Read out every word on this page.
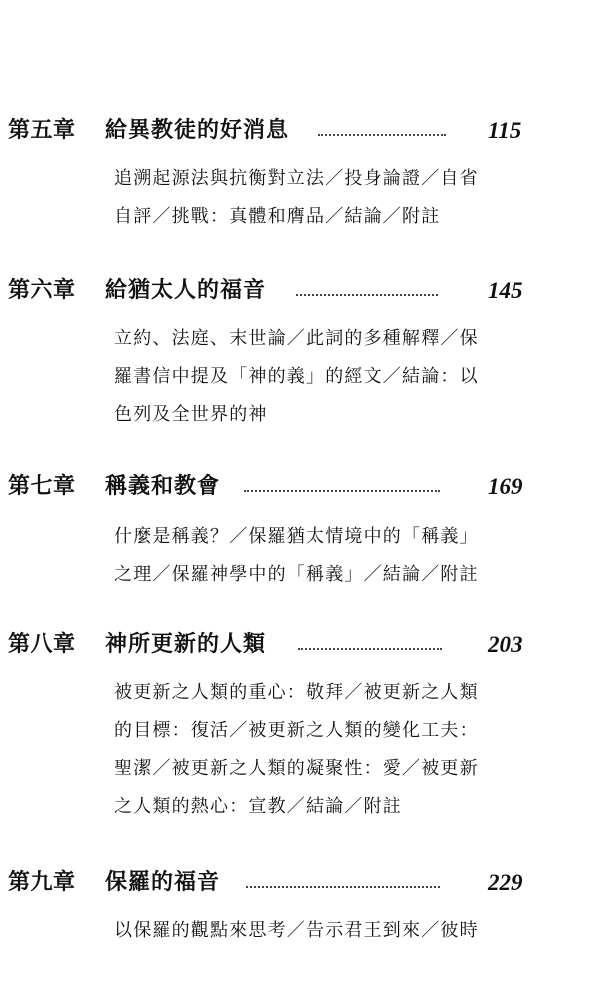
第五章 給異教徒的好消息	115
追溯起源法與抗衡對立法／投身論證／自省
自評／挑戰：真體和膺品／結論／附註
第六章 給猶太人的福音	145
立約、法庭、末世論／此詞的多種解釋／保
羅書信中提及「神的義」的經文／結論：以
色列及全世界的神
第七章 稱義和教會	169
什麼是稱義？／保羅猶太情境中的「稱義」
之理／保羅神學中的「稱義」／結論／附註
第八章 神所更新的人類	203
被更新之人類的重心：敬拜／被更新之人類
的目標：復活／被更新之人類的變化工夫：
聖潔／被更新之人類的凝聚性：愛／被更新
之人類的熱心：宣教／結論／附註
第九章 保羅的福音	229
以保羅的觀點來思考／告示君王到來／彼時
